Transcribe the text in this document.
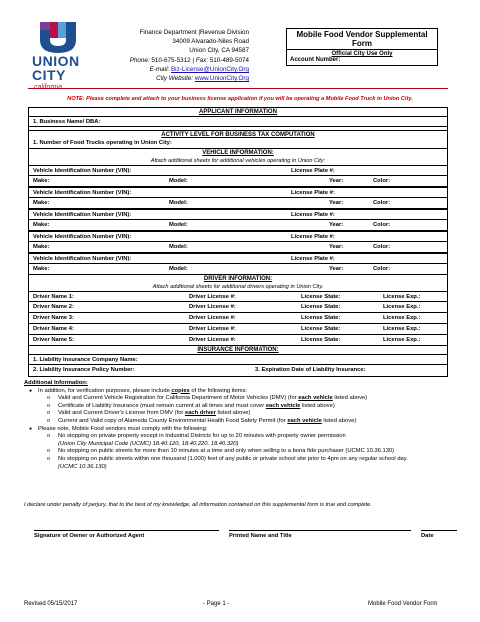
UNION
CITY
california
Finance Department |Revenue Division
34009 Alvarado-Niles Road
Union City, CA 94587
Phone: 510-675-5312 | Fax: 510-489-5074
E-mail: Biz-License@UnionCity.Org
City Website: www.UnionCity.Org
Mobile Food Vendor Supplemental Form
Official City Use Only
Account Number:
NOTE: Please complete and attach to your business license application if you will be operating a Mobile Food Truck in Union City.
APPLICANT INFORMATION
1. Business Name/ DBA:
ACTIVITY LEVEL FOR BUSINESS TAX COMPUTATION
1. Number of Food Trucks operating in Union City:
VEHICLE INFORMATION:
Attach additional sheets for additional vehicles operating in Union City:
Vehicle Identification Number (VIN):	License Plate #:
Make:	Model:	Year:	Color:
Vehicle Identification Number (VIN):	License Plate #:
Make:	Model:	Year:	Color:
Vehicle Identification Number (VIN):	License Plate #:
Make:	Model:	Year:	Color:
Vehicle Identification Number (VIN):	License Plate #:
Make:	Model:	Year:	Color:
Vehicle Identification Number (VIN):	License Plate #:
Make:	Model:	Year:	Color:
DRIVER INFORMATION:
Attach additional sheets for additional drivers operating in Union City.
Driver Name 1:	Driver License #:	License State:	License Exp.:
Driver Name 2:	Driver License #:	License State:	License Exp.:
Driver Name 3:	Driver License #:	License State:	License Exp.:
Driver Name 4:	Driver License #:	License State:	License Exp.:
Driver Name 5:	Driver License #:	License State:	License Exp.:
INSURANCE INFORMATION:
1. Liability Insurance Company Name:
2. Liability Insurance Policy Number:	3. Expiration Date of Liability Insurance:
Additional Information:
● In addition, for verification purposes, please include copies of the following items:
o Valid and Current Vehicle Registration for California Department of Motor Vehicles (DMV) (for each vehicle listed above)
o Certificate of Liability Insurance (must remain current at all times and must cover each vehicle listed above)
o Valid and Current Driver's License from DMV (for each driver listed above)
o Current and Valid copy of Alameda County Environmental Health Food Safety Permit (for each vehicle listed above)
● Please note, Mobile Food vendors must comply with the following:
o No stopping on private property except in Industrial Districts for up to 20 minutes with property owner permission
(Union City Municipal Code (UCMC) 18.40.120, 18.40.220, 18.40.320)
o No stopping on public streets for more than 10 minutes at a time and only when selling to a bona fide purchaser (UCMC 10.36.130)
o No stopping on public streets within one thousand (1,000) feet of any public or private school site prior to 4pm on any regular school day.
(UCMC 10.36.130)
I declare under penalty of perjury, that to the best of my knowledge, all information contained on this supplemental form is true and complete.
Signature of Owner or Authorized Agent	Printed Name and Title	Date
Revised 05/15/2017	- Page 1 -	Mobile Food Vendor Form
